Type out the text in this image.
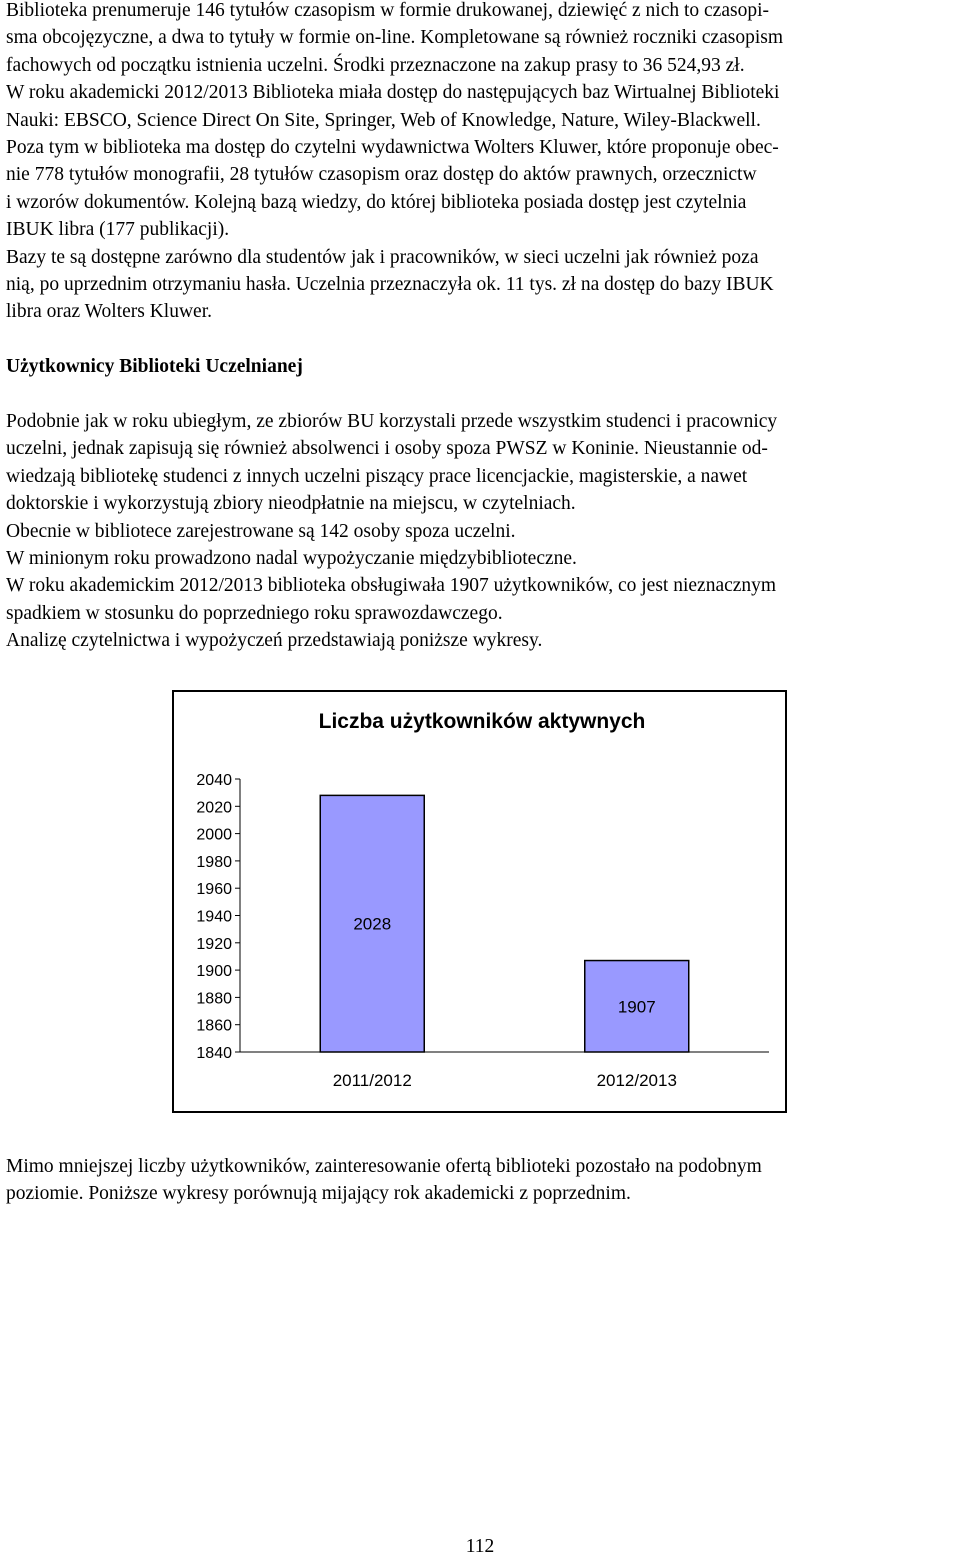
Biblioteka prenumeruje 146 tytułów czasopism w formie drukowanej, dziewięć z nich to czasopi-
sma obcojęzyczne, a dwa to tytuły w formie on-line. Kompletowane są również roczniki czasopism
fachowych od początku istnienia uczelni. Środki przeznaczone na zakup prasy to 36 524,93 zł.
W roku akademicki 2012/2013 Biblioteka miała dostęp do następujących baz Wirtualnej Biblioteki
Nauki: EBSCO, Science Direct On Site, Springer, Web of Knowledge, Nature, Wiley-Blackwell.
Poza tym w biblioteka ma dostęp do czytelni wydawnictwa Wolters Kluwer, które proponuje obec-
nie 778 tytułów monografii, 28 tytułów czasopism oraz dostęp do aktów prawnych, orzecznictw
i wzorów dokumentów. Kolejną bazą wiedzy, do której biblioteka posiada dostęp jest czytelnia
IBUK libra (177 publikacji).
Bazy te są dostępne zarówno dla studentów jak i pracowników, w sieci uczelni jak również poza
nią, po uprzednim otrzymaniu hasła. Uczelnia przeznaczyła ok. 11 tys. zł na dostęp do bazy IBUK
libra oraz Wolters Kluwer.
Użytkownicy Biblioteki Uczelnianej
Podobnie jak w roku ubiegłym, ze zbiorów BU korzystali przede wszystkim studenci i pracownicy
uczelni, jednak zapisują się również absolwenci i osoby spoza PWSZ w Koninie. Nieustannie od-
wiedzają bibliotekę studenci z innych uczelni piszący prace licencjackie, magisterskie, a nawet
doktorskie i wykorzystują zbiory nieodpłatnie na miejscu, w czytelniach.
Obecnie w bibliotece zarejestrowane są 142 osoby spoza uczelni.
W minionym roku prowadzono nadal wypożyczanie międzybiblioteczne.
W roku akademickim 2012/2013 biblioteka obsługiwała 1907 użytkowników, co jest nieznacznym
spadkiem w stosunku do poprzedniego roku sprawozdawczego.
Analizę czytelnictwa i wypożyczeń przedstawiają poniższe wykresy.
Liczba użytkowników aktywnych
2040
2020
2000
1980
1960
1940
1920
1900
1880
1860
1840
2011/2012	2012/2013
2028
1907
Mimo mniejszej liczby użytkowników, zainteresowanie ofertą biblioteki pozostało na podobnym
poziomie. Poniższe wykresy porównują mijający rok akademicki z poprzednim.
112
